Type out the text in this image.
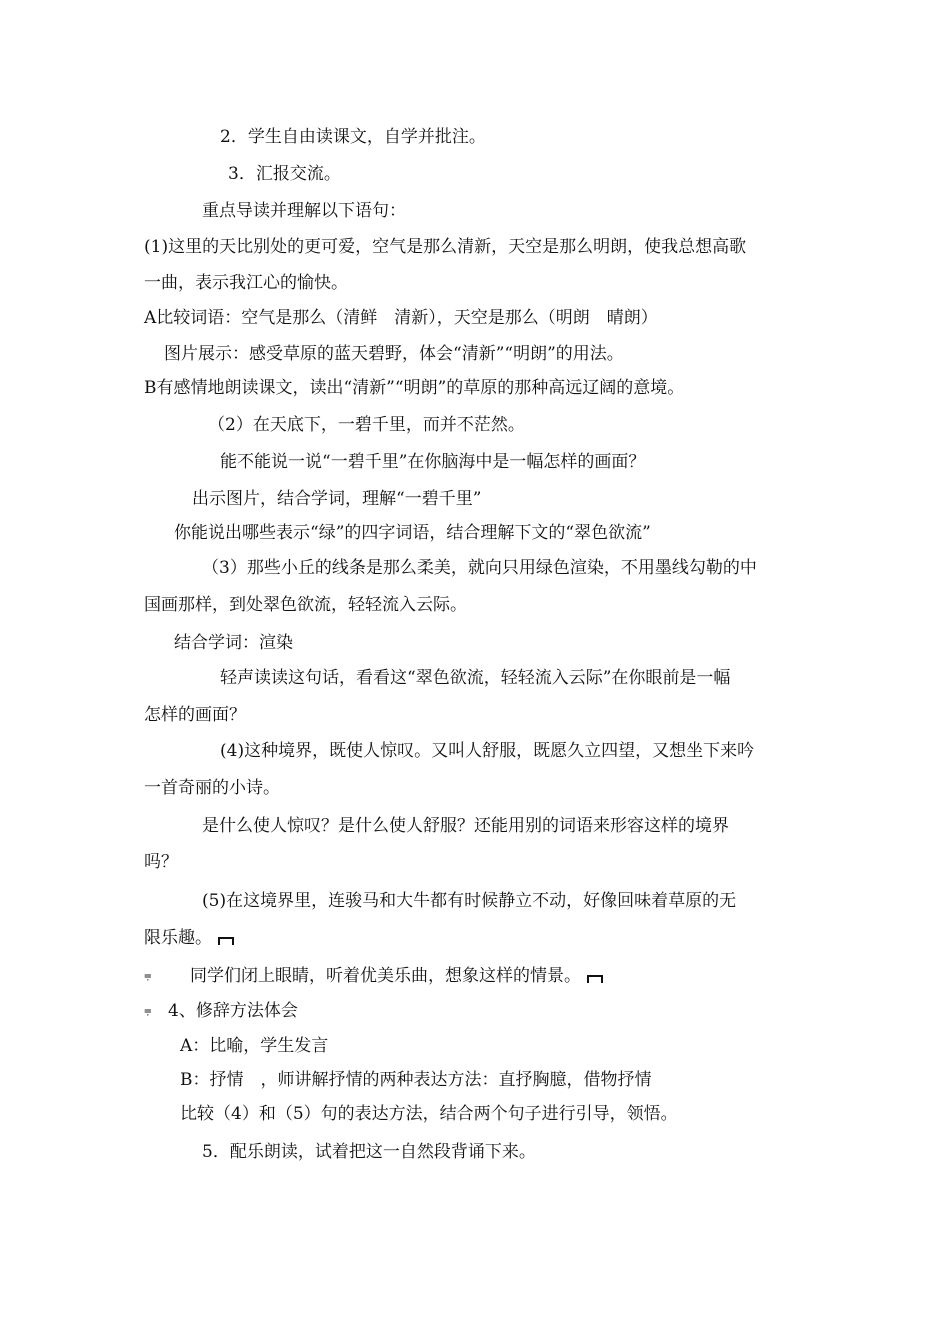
2．学生自由读课文，自学并批注。
3．汇报交流。
重点导读并理解以下语句：
(1)这里的天比别处的更可爱，空气是那么清新，天空是那么明朗，使我总想高歌
一曲，表示我江心的愉快。
A比较词语：空气是那么（清鲜　清新），天空是那么（明朗　晴朗）
图片展示：感受草原的蓝天碧野，体会“清新”“明朗”的用法。
B有感情地朗读课文，读出“清新”“明朗”的草原的那种高远辽阔的意境。
（2）在天底下，一碧千里，而并不茫然。
能不能说一说“一碧千里”在你脑海中是一幅怎样的画面？
出示图片，结合学词，理解“一碧千里”
你能说出哪些表示“绿”的四字词语，结合理解下文的“翠色欲流”
（3）那些小丘的线条是那么柔美，就向只用绿色渲染，不用墨线勾勒的中
国画那样，到处翠色欲流，轻轻流入云际。
结合学词：渲染
轻声读读这句话，看看这“翠色欲流，轻轻流入云际”在你眼前是一幅
怎样的画面？
(4)这种境界，既使人惊叹。又叫人舒服，既愿久立四望，又想坐下来吟
一首奇丽的小诗。
是什么使人惊叹？是什么使人舒服？还能用别的词语来形容这样的境界
吗？
(5)在这境界里，连骏马和大牛都有时候静立不动，好像回味着草原的无
限乐趣。
⩦ 同学们闭上眼睛，听着优美乐曲，想象这样的情景。
⩦ 4、修辞方法体会
A：比喻，学生发言
B：抒情　，师讲解抒情的两种表达方法：直抒胸臆，借物抒情
比较（4）和（5）句的表达方法，结合两个句子进行引导，领悟。
5．配乐朗读，试着把这一自然段背诵下来。
